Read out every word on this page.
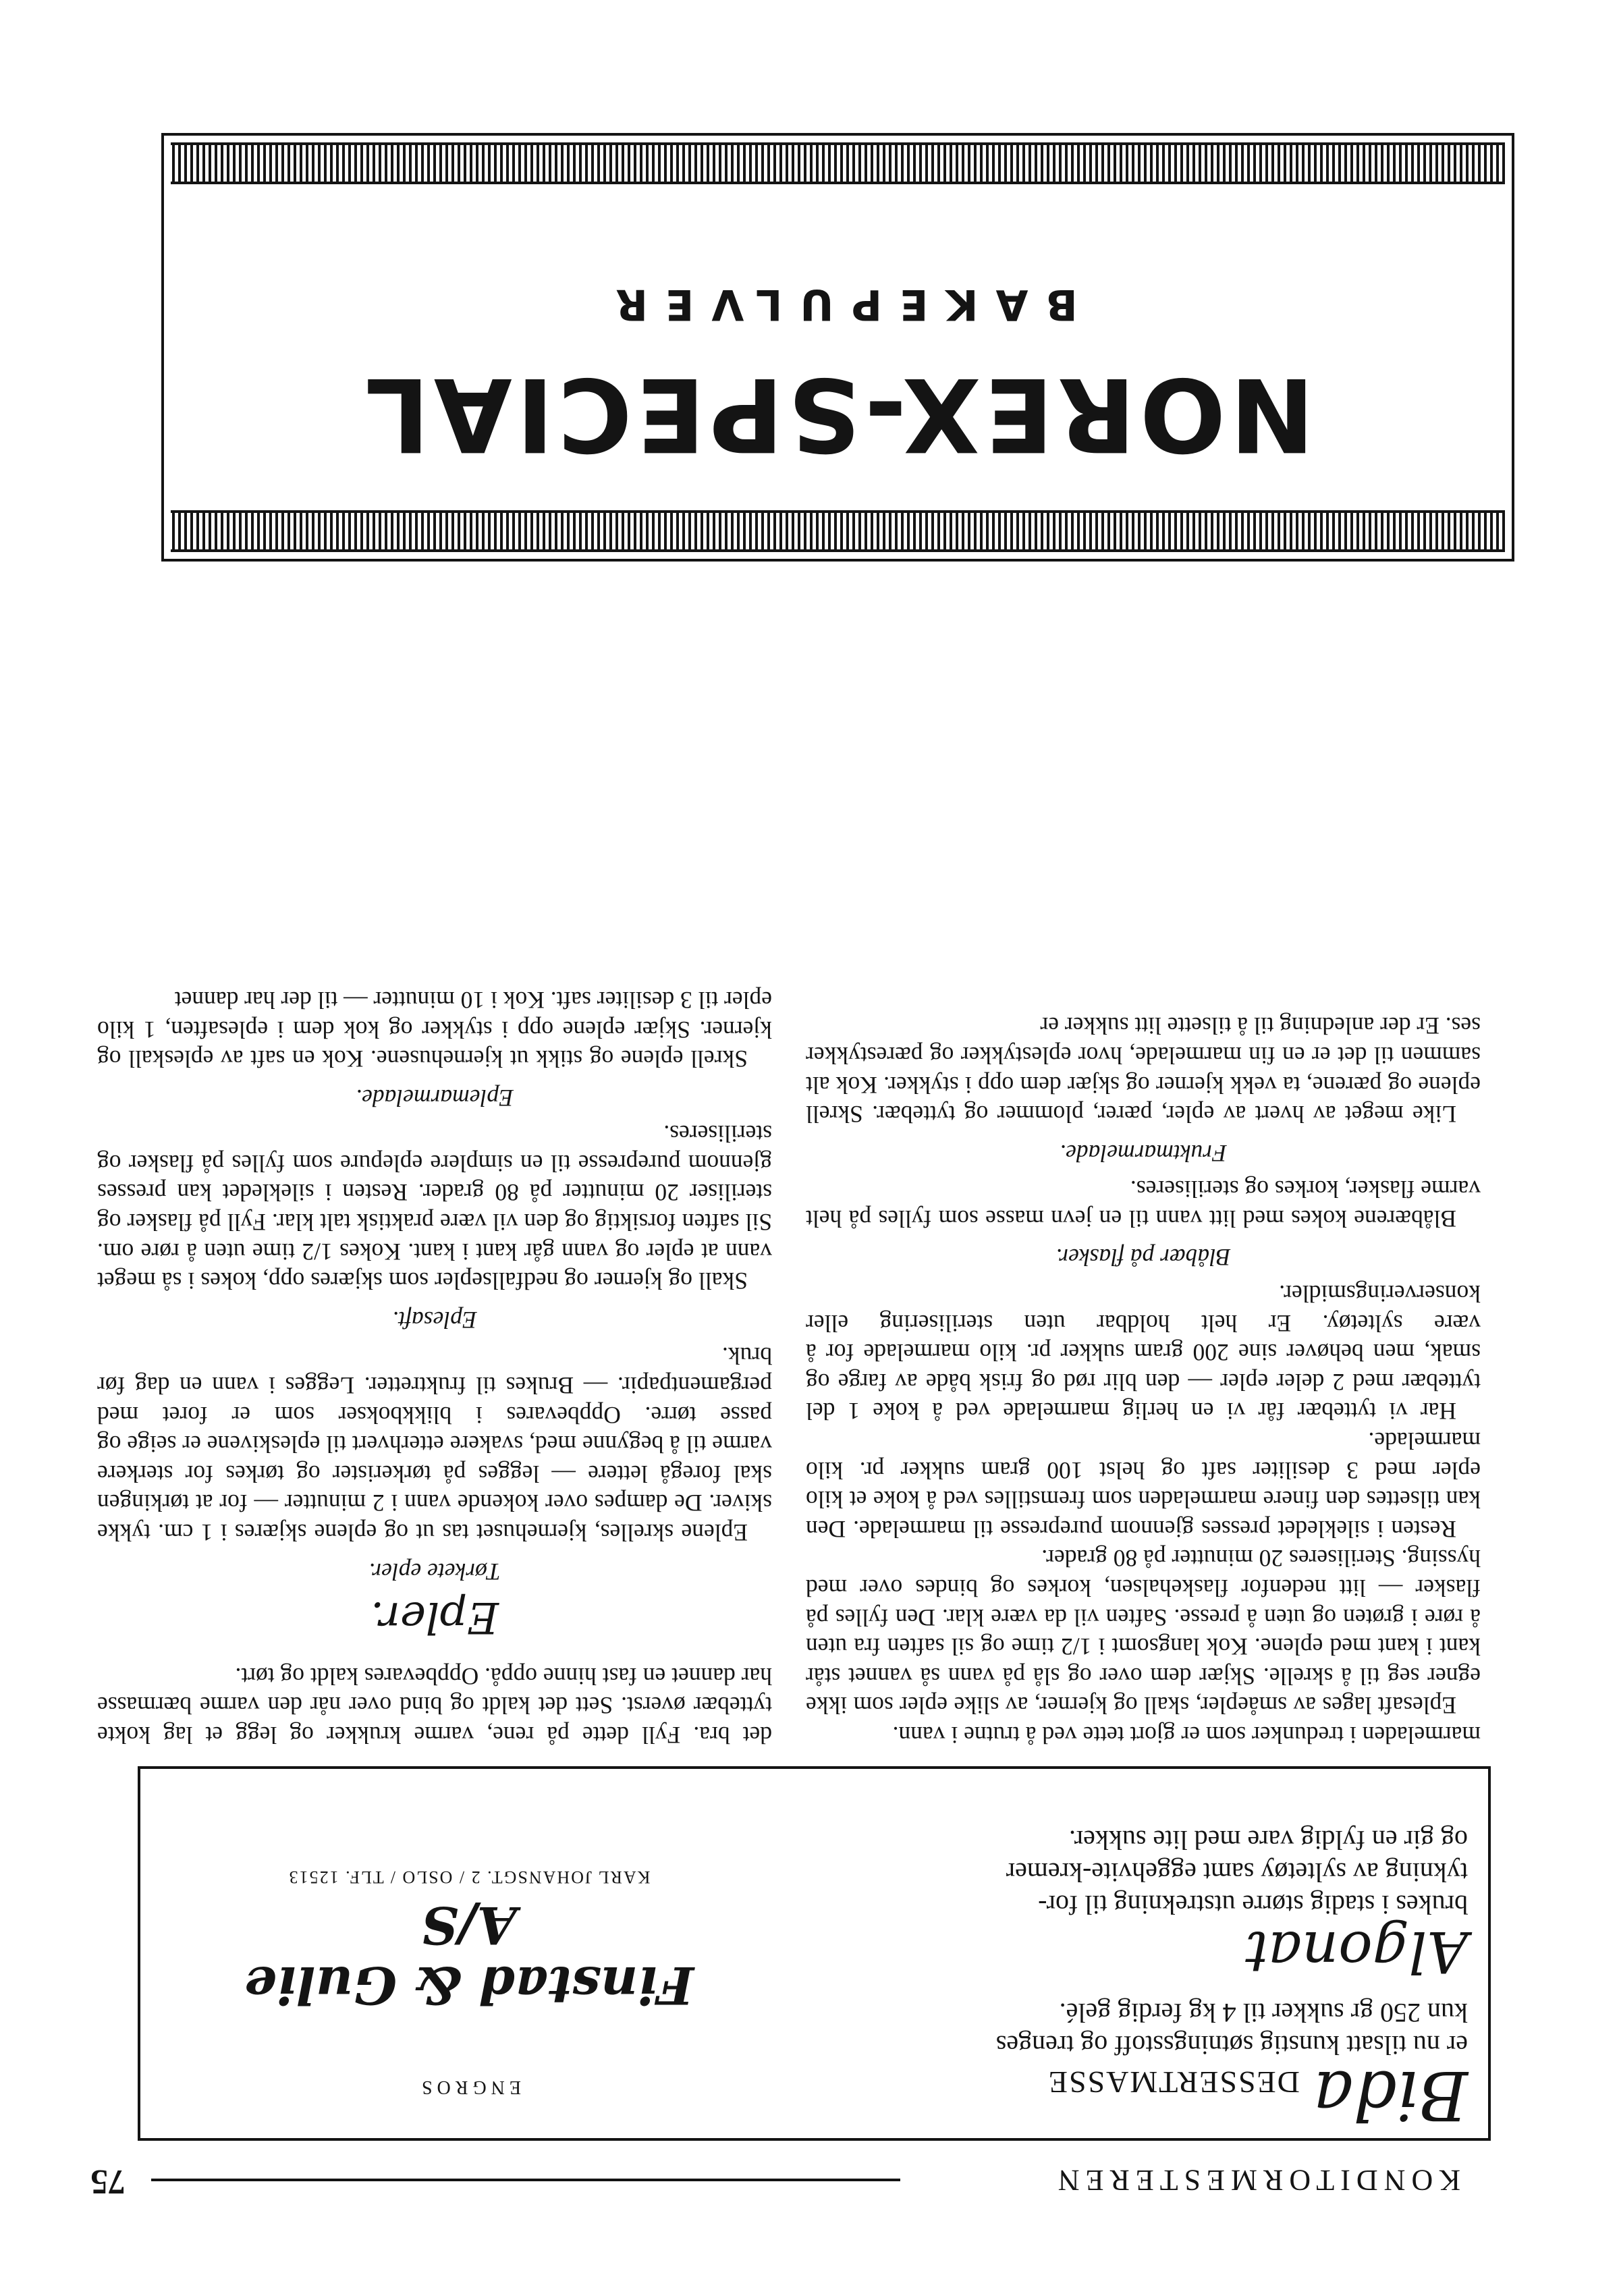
KONDITORMESTEREN
75
Bida DESSERTMASSE

er nu tilsatt kunstig søtningsstoff og trenges

kun 250 gr sukker til 4 kg ferdig gelé.

Algonat

brukes i stadig større utstrekning til for-

tykning av syltetøy samt eggehvite-kremer

og gir en fyldig vare med lite sukker.

ENGROS
Finstad & Gulie A/S
KARL JOHANSGT. 2 / OSLO / TLF. 12513

marmeladen i tredunker som er gjort tette ved å trutne i vann.

Eplesaft lages av småepler, skall og kjerner, av slike epler som ikke egner seg til å skrelle. Skjær dem over og slå på vann så vannet står kant i kant med eplene. Kok langsomt i 1/2 time og sil saften fra uten å røre i grøten og uten å presse. Saften vil da være klar. Den fylles på flasker — litt nedenfor flaskehalsen, korkes og bindes over med hyssing. Steriliseres 20 minutter på 80 grader.

Resten i silekledet presses gjennom purepresse til marmelade. Den kan tilsettes den finere marmeladen som fremstilles ved å koke et kilo epler med 3 desiliter saft og helst 100 gram sukker pr. kilo marmelade.

Har vi tyttebær får vi en herlig marmelade ved å koke 1 del tyttebær med 2 deler epler — den blir rød og frisk både av farge og smak, men behøver sine 200 gram sukker pr. kilo marmelade for å være syltetøy. Er helt holdbar uten sterilisering eller konserveringsmidler.

Blåbær på flasker.

Blåbærene kokes med litt vann til en jevn masse som fylles på helt varme flasker, korkes og steriliseres.

Fruktmarmelade.

Like meget av hvert av epler, pærer, plommer og tyttebær. Skrell eplene og pærene, ta vekk kjerner og skjær dem opp i stykker. Kok alt sammen til det er en fin marmelade, hvor eplestykker og pærestykker ses. Er der anledning til å tilsette litt sukker er

det bra. Fyll dette på rene, varme krukker og legg et lag kokte tyttebær øverst. Sett det kaldt og bind over når den varme bærmasse har dannet en fast hinne oppå. Oppbevares kaldt og tørt.

Epler.
Tørkete epler.

Eplene skrelles, kjernehuset tas ut og eplene skjæres i 1 cm. tykke skiver. De dampes over kokende vann i 2 minutter — for at tørkingen skal foregå lettere — legges på tørkerister og tørkes for sterkere varme til å begynne med, svakere etterhvert til epleskivene er seige og passe tørre. Oppbevares i blikkbokser som er foret med pergamentpapir. — Brukes til fruktretter. Legges i vann en dag før bruk.

Eplesaft.

Skall og kjerner og nedfallsepler som skjæres opp, kokes i så meget vann at epler og vann går kant i kant. Kokes 1/2 time uten å røre om. Sil saften forsiktig og den vil være praktisk talt klar. Fyll på flasker og steriliser 20 minutter på 80 grader. Resten i silekledet kan presses gjennom purepresse til en simplere eplepure som fylles på flasker og steriliseres.

Eplemarmelade.

Skrell eplene og stikk ut kjernehusene. Kok en saft av epleskall og kjerner. Skjær eplene opp i stykker og kok dem i eplesaften, 1 kilo epler til 3 desiliter saft. Kok i 10 minutter — til der har dannet

NOREX-SPECIAL
BAKEPULVER
